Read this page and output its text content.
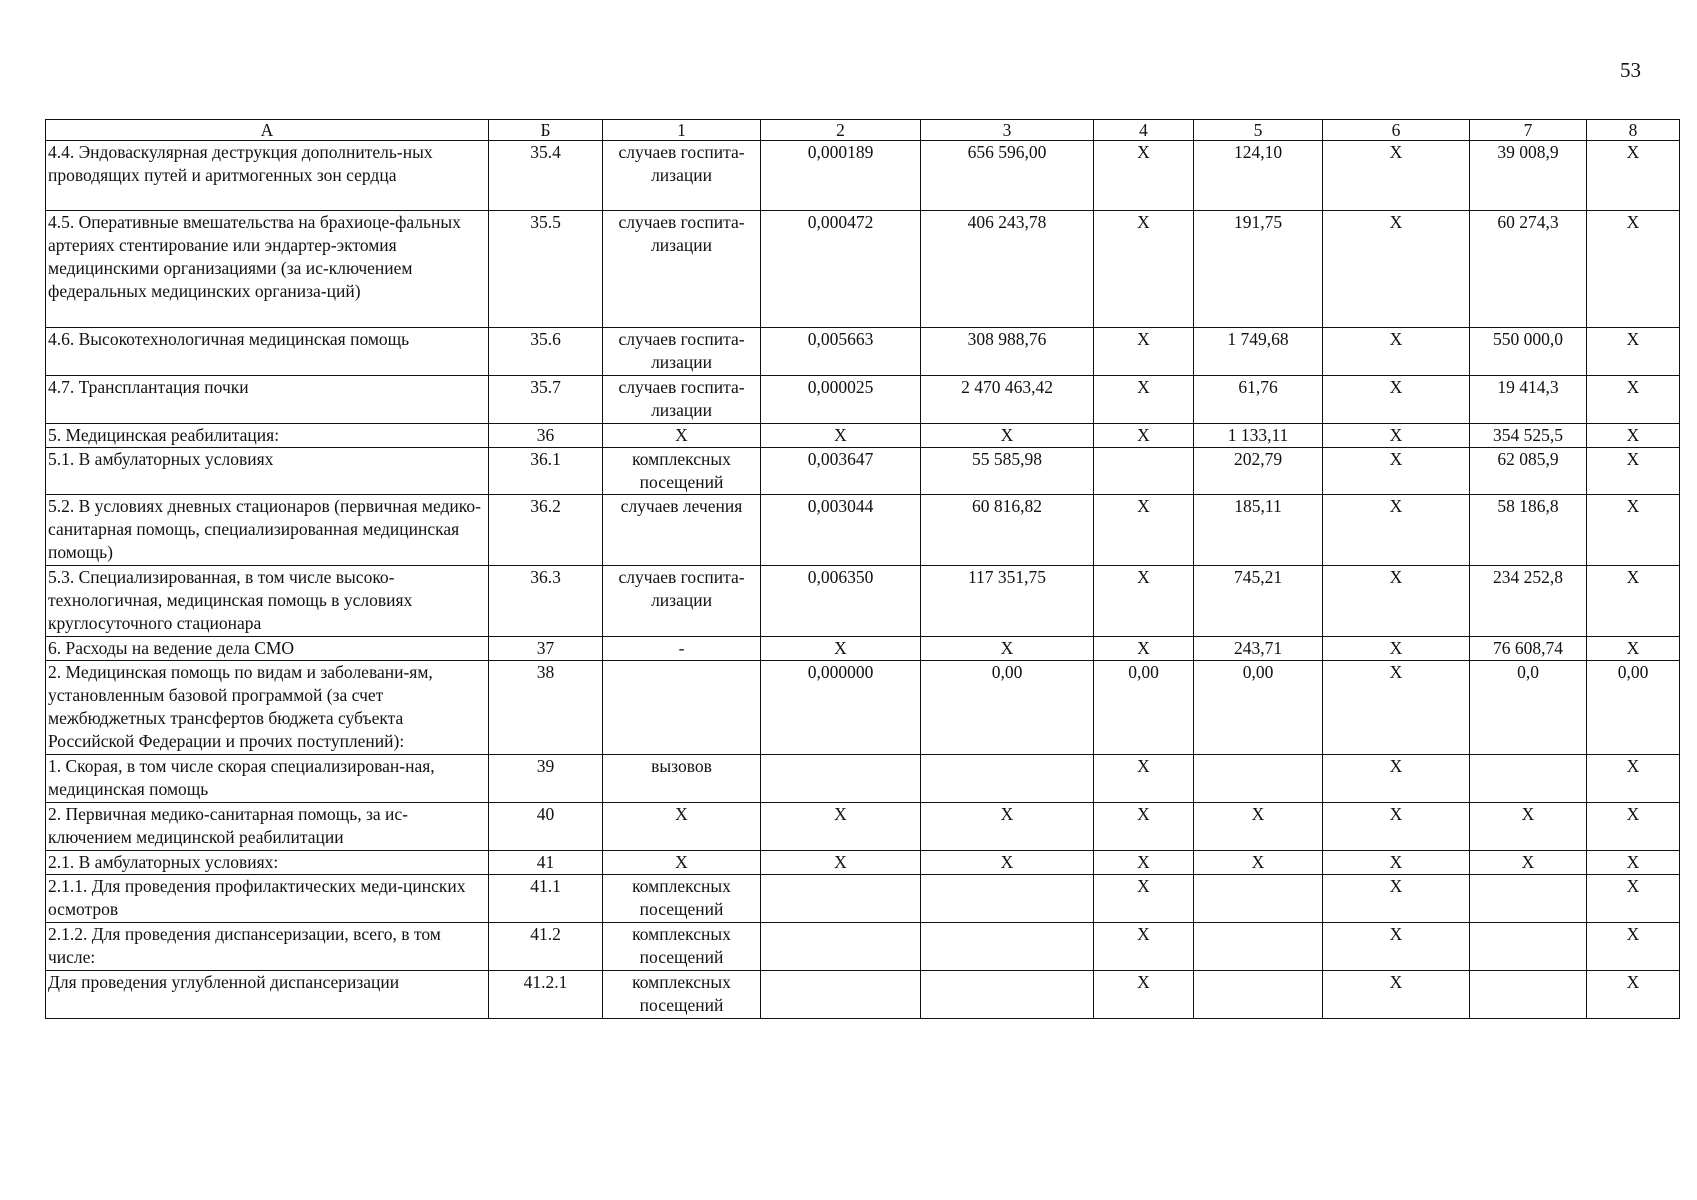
53
А	Б	1	2	3	4	5	6	7	8
4.4. Эндоваскулярная деструкция дополнитель-ных проводящих путей и аритмогенных зон сердца	35.4	случаев госпита-лизации	0,000189	656 596,00	Х	124,10	Х	39 008,9	Х
4.5. Оперативные вмешательства на брахиоце-фальных артериях стентирование или эндартер-эктомия медицинскими организациями (за ис-ключением федеральных медицинских организа-ций)	35.5	случаев госпита-лизации	0,000472	406 243,78	Х	191,75	Х	60 274,3	Х
4.6. Высокотехнологичная медицинская помощь	35.6	случаев госпита-лизации	0,005663	308 988,76	Х	1 749,68	Х	550 000,0	Х
4.7. Трансплантация почки	35.7	случаев госпита-лизации	0,000025	2 470 463,42	Х	61,76	Х	19 414,3	Х
5. Медицинская реабилитация:	36	Х	Х	Х	Х	1 133,11	Х	354 525,5	Х
5.1. В амбулаторных условиях	36.1	комплексных посещений	0,003647	55 585,98		202,79	Х	62 085,9	Х
5.2. В условиях дневных стационаров (первичная медико-санитарная помощь, специализированная медицинская помощь)	36.2	случаев лечения	0,003044	60 816,82	Х	185,11	Х	58 186,8	Х
5.3. Специализированная, в том числе высоко-технологичная, медицинская помощь в условиях круглосуточного стационара	36.3	случаев госпита-лизации	0,006350	117 351,75	Х	745,21	Х	234 252,8	Х
6. Расходы на ведение дела СМО	37	-	Х	Х	Х	243,71	Х	76 608,74	Х
2. Медицинская помощь по видам и заболевани-ям, установленным базовой программой (за счет межбюджетных трансфертов бюджета субъекта Российской Федерации и прочих поступлений):	38		0,000000	0,00	0,00	0,00	Х	0,0	0,00
1. Скорая, в том числе скорая специализирован-ная, медицинская помощь	39	вызовов			Х		Х		Х
2. Первичная медико-санитарная помощь, за ис-ключением медицинской реабилитации	40	Х	Х	Х	Х	Х	Х	Х	Х
2.1. В амбулаторных условиях:	41	Х	Х	Х	Х	Х	Х	Х	Х
2.1.1. Для проведения профилактических меди-цинских осмотров	41.1	комплексных посещений			Х		Х		Х
2.1.2. Для проведения диспансеризации, всего, в том числе:	41.2	комплексных посещений			Х		Х		Х
Для проведения углубленной диспансеризации	41.2.1	комплексных посещений			Х		Х		Х
